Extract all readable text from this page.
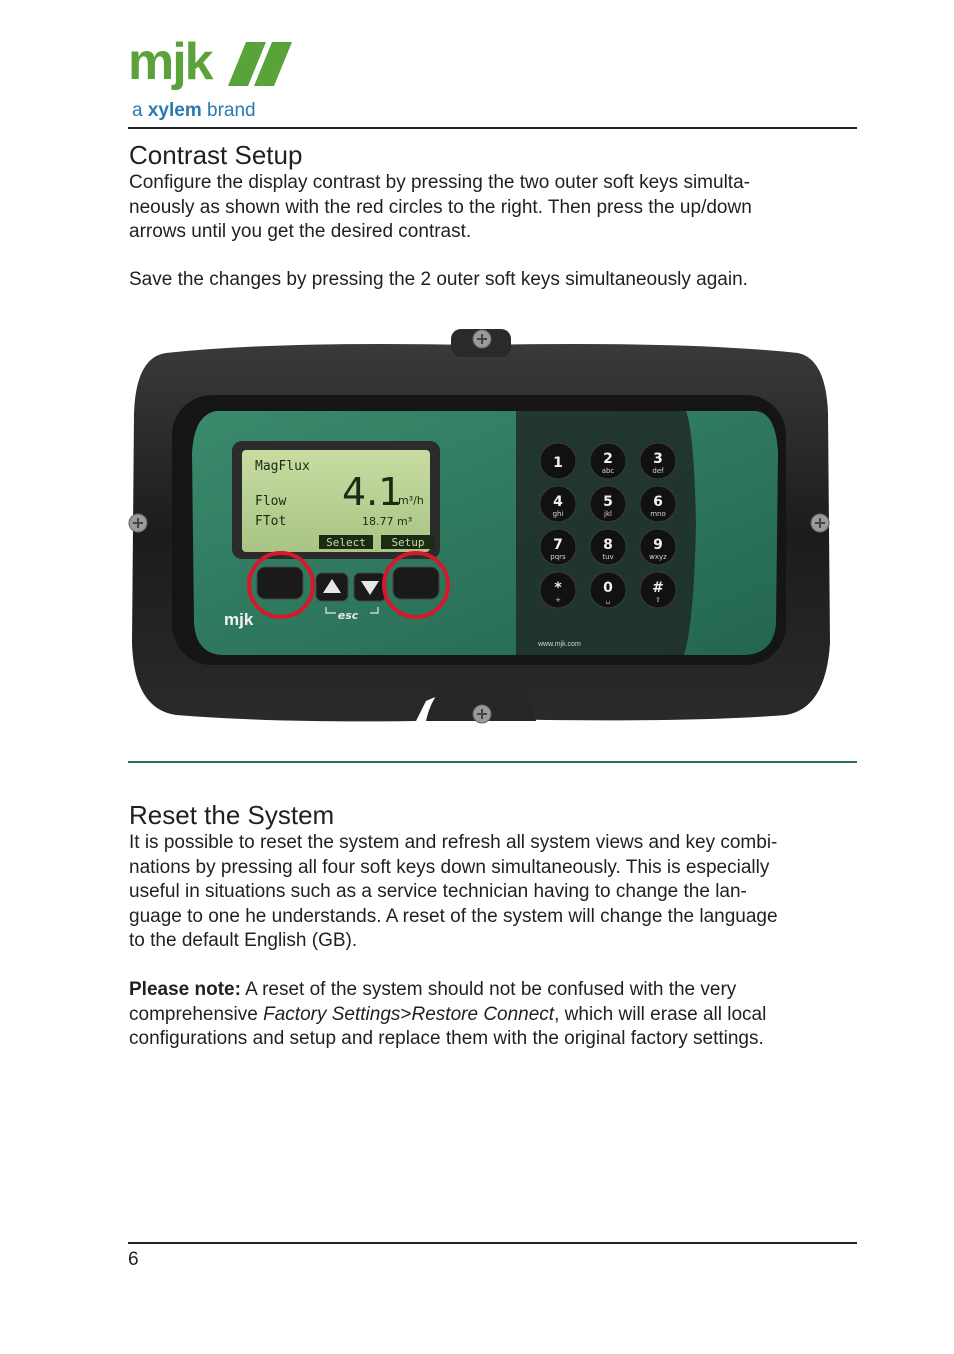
mjk
a xylem brand
Contrast Setup
Configure the display contrast by pressing the two outer soft keys simulta-
neously as shown with the red circles to the right. Then press the up/down
arrows until you get the desired contrast.
Save the changes by pressing the 2 outer soft keys simultaneously again.
MagFlux
4.1
m³/h
Flow
FTot	18.77 m³
Select Setup
esc
mjk
www.mjk.com
1	2
abc
3
def
4
ghi
5
jkl
6
mno
7
pqrs
8
tuv
9
wxyz
*
+
0
␣
#
⇧
Reset the System
It is possible to reset the system and refresh all system views and key combi-
nations by pressing all four soft keys down simultaneously. This is especially
useful in situations such as a service technician having to change the lan-
guage to one he understands. A reset of the system will change the language
to the default English (GB).
Please note: A reset of the system should not be confused with the very
comprehensive Factory Settings>Restore Connect, which will erase all local
configurations and setup and replace them with the original factory settings.
6
